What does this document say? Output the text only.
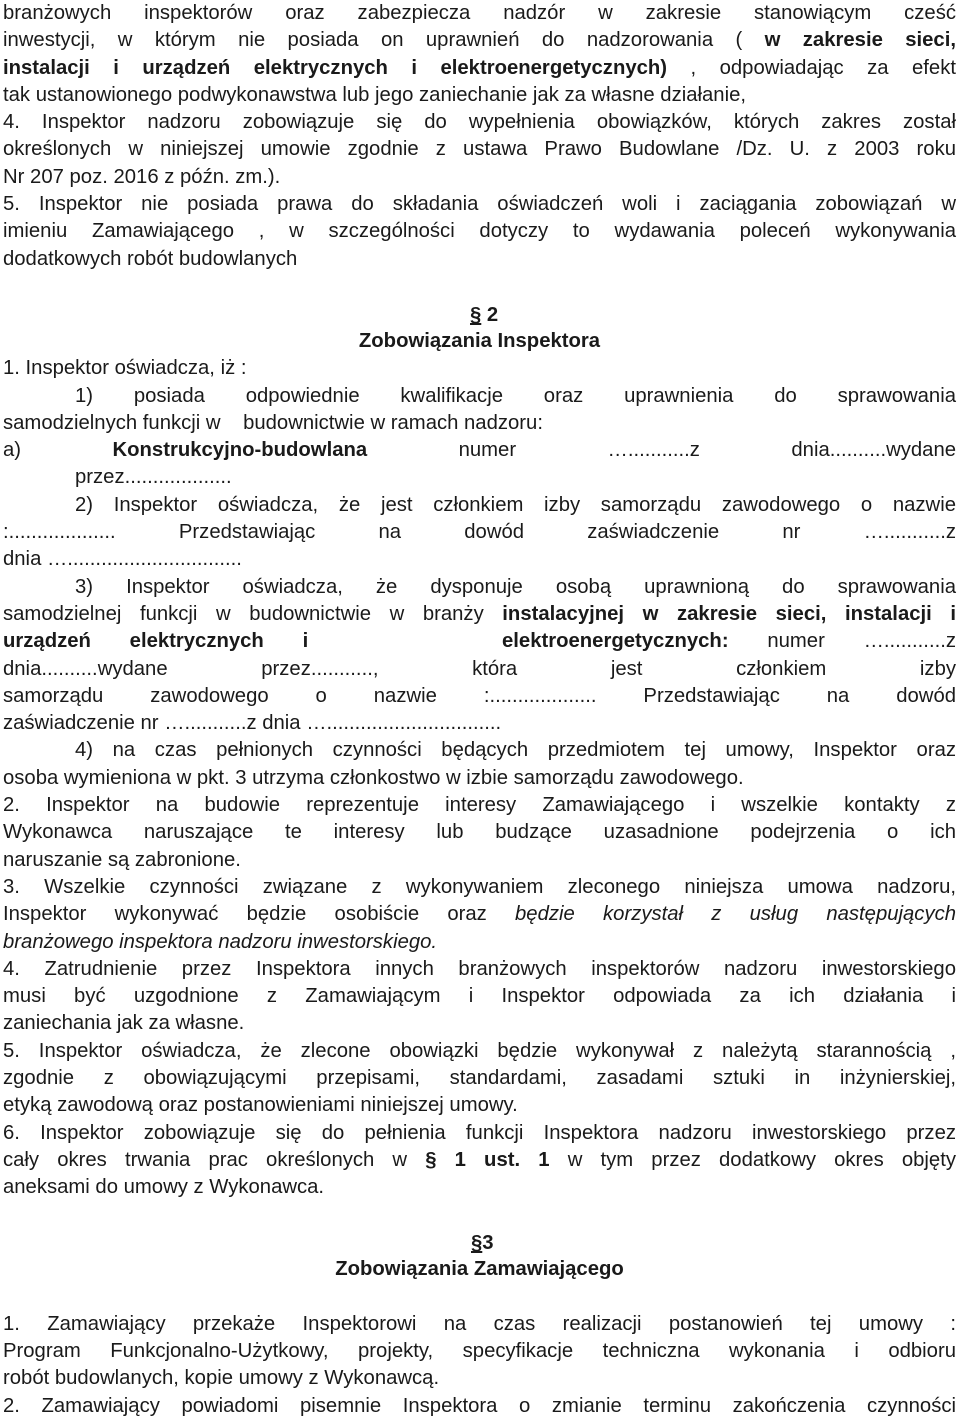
branżowych inspektorów oraz zabezpiecza nadzór w zakresie stanowiącym cześć

inwestycji, w którym nie posiada on uprawnień do nadzorowania ( w zakresie sieci,

instalacji i urządzeń elektrycznych i elektroenergetycznych) , odpowiadając za efekt

tak ustanowionego podwykonawstwa lub jego zaniechanie jak za własne działanie,

4. Inspektor nadzoru zobowiązuje się do wypełnienia obowiązków, których zakres został

określonych w niniejszej umowie zgodnie z ustawa Prawo Budowlane /Dz. U. z 2003 roku

Nr 207 poz. 2016 z późn. zm.).

5. Inspektor nie posiada prawa do składania oświadczeń woli i zaciągania zobowiązań w

imieniu Zamawiającego , w szczególności dotyczy to wydawania poleceń wykonywania

dodatkowych robót budowlanych

§ 2

Zobowiązania Inspektora

1. Inspektor oświadcza, iż :

1) posiada odpowiednie kwalifikacje oraz uprawnienia do sprawowania

samodzielnych funkcji w    budownictwie w ramach nadzoru:

a) Konstrukcyjno-budowlana numer …...........z dnia..........wydane

przez...................

2) Inspektor oświadcza, że jest członkiem izby samorządu zawodowego o nazwie

:................... Przedstawiając na dowód zaświadczenie nr …...........z

dnia …...............................

3) Inspektor oświadcza, że dysponuje osobą uprawnioną do sprawowania

samodzielnej funkcji w budownictwie w branży instalacyjnej w zakresie sieci, instalacji i

urządzeń elektrycznych i     elektroenergetycznych: numer …...........z

dnia..........wydane przez..........., która jest członkiem izby

samorządu zawodowego o nazwie :................... Przedstawiając na dowód

zaświadczenie nr …...........z dnia …...............................

4) na czas pełnionych czynności będących przedmiotem tej umowy, Inspektor oraz

osoba wymieniona w pkt. 3 utrzyma członkostwo w izbie samorządu zawodowego.

2. Inspektor na budowie reprezentuje interesy Zamawiającego i wszelkie kontakty z

Wykonawca naruszające te interesy lub budzące uzasadnione podejrzenia o ich

naruszanie są zabronione.

3. Wszelkie czynności związane z wykonywaniem zleconego niniejsza umowa nadzoru,

Inspektor wykonywać będzie osobiście oraz będzie korzystał z usług następujących

branżowego inspektora nadzoru inwestorskiego.

4. Zatrudnienie przez Inspektora innych branżowych inspektorów nadzoru inwestorskiego

musi być uzgodnione z Zamawiającym i Inspektor odpowiada za ich działania i

zaniechania jak za własne.

5. Inspektor oświadcza, że zlecone obowiązki będzie wykonywał z należytą starannością ,

zgodnie z obowiązującymi przepisami, standardami, zasadami sztuki in inżynierskiej,

etyką zawodową oraz postanowieniami niniejszej umowy.

6. Inspektor zobowiązuje się do pełnienia funkcji Inspektora nadzoru inwestorskiego przez

cały okres trwania prac określonych w § 1 ust. 1 w tym przez dodatkowy okres objęty

aneksami do umowy z Wykonawca.

§3

Zobowiązania Zamawiającego

1. Zamawiający przekaże Inspektorowi na czas realizacji postanowień tej umowy :

Program Funkcjonalno-Użytkowy, projekty, specyfikacje techniczna wykonania i odbioru

robót budowlanych, kopie umowy z Wykonawcą.

2. Zamawiający powiadomi pisemnie Inspektora o zmianie terminu zakończenia czynności
